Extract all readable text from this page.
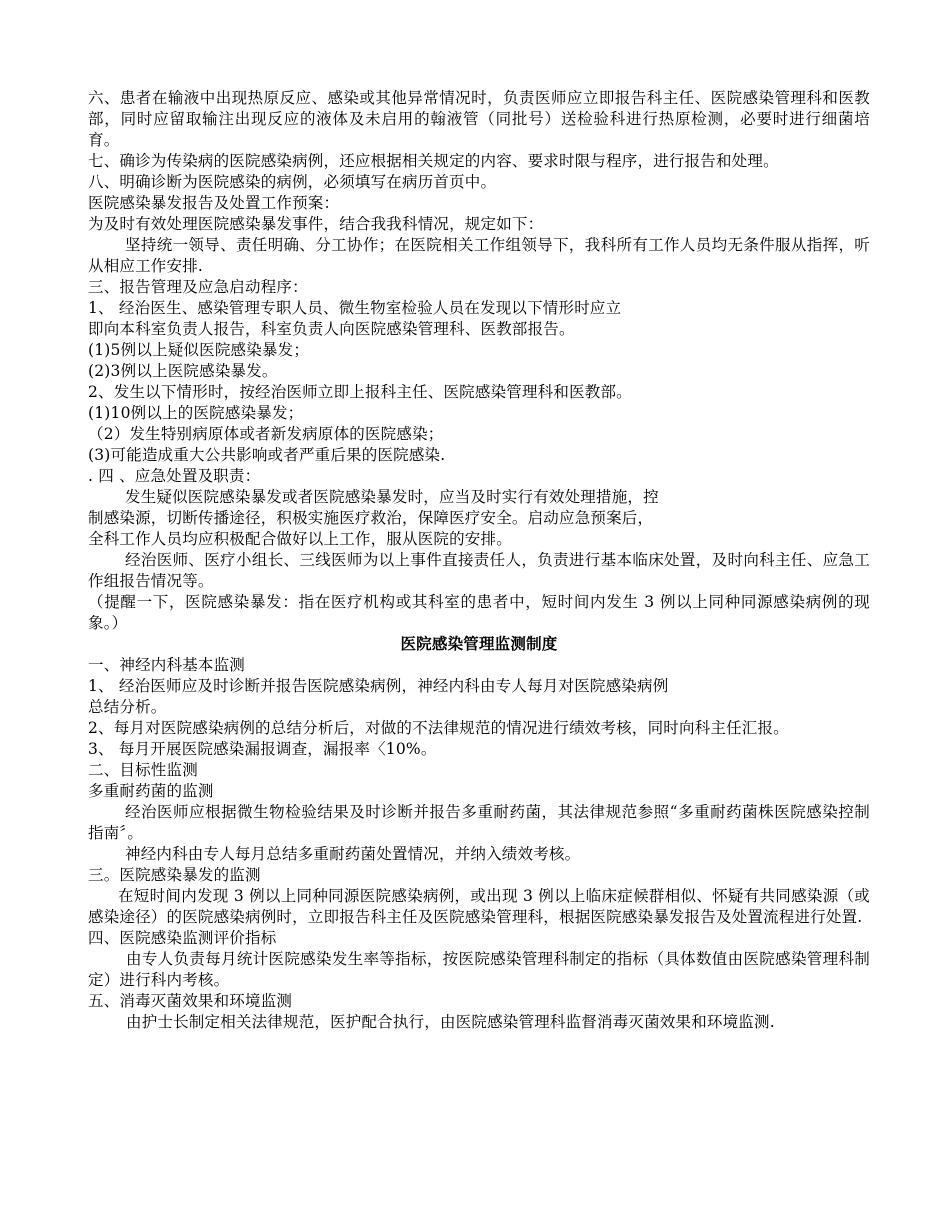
六、患者在输液中出现热原反应、感染或其他异常情况时，负责医师应立即报告科主任、医院感染管理科和医教部，同时应留取输注出现反应的液体及未启用的翰液管（同批号）送检验科进行热原检测，必要时进行细菌培育。

七、确诊为传染病的医院感染病例，还应根据相关规定的内容、要求时限与程序，进行报告和处理。

八、明确诊断为医院感染的病例，必须填写在病历首页中。

医院感染暴发报告及处置工作预案：

为及时有效处理医院感染暴发事件，结合我我科情况，规定如下：

坚持统一领导、责任明确、分工协作；在医院相关工作组领导下，我科所有工作人员均无条件服从指挥，听从相应工作安排.

三、报告管理及应急启动程序：

1、 经治医生、感染管理专职人员、微生物室检验人员在发现以下情形时应立

即向本科室负责人报告，科室负责人向医院感染管理科、医教部报告。

(1)5例以上疑似医院感染暴发；

(2)3例以上医院感染暴发。

2、发生以下情形时，按经治医师立即上报科主任、医院感染管理科和医教部。

(1)10例以上的医院感染暴发；

（2）发生特别病原体或者新发病原体的医院感染；

(3)可能造成重大公共影响或者严重后果的医院感染.

. 四 、应急处置及职责：

发生疑似医院感染暴发或者医院感染暴发时，应当及时实行有效处理措施，控

制感染源，切断传播途径，积极实施医疗救治，保障医疗安全。启动应急预案后，

全科工作人员均应积极配合做好以上工作，服从医院的安排。

经治医师、医疗小组长、三线医师为以上事件直接责任人，负责进行基本临床处置，及时向科主任、应急工作组报告情况等。

（提醒一下，医院感染暴发：指在医疗机构或其科室的患者中，短时间内发生 3 例以上同种同源感染病例的现象。）

医院感染管理监测制度

一、神经内科基本监测

1、 经治医师应及时诊断并报告医院感染病例，神经内科由专人每月对医院感染病例

总结分析。

2、每月对医院感染病例的总结分析后，对做的不法律规范的情况进行绩效考核，同时向科主任汇报。

3、 每月开展医院感染漏报调查，漏报率〈10%。

二、目标性监测

多重耐药菌的监测

经治医师应根据微生物检验结果及时诊断并报告多重耐药菌，其法律规范参照“多重耐药菌株医院感染控制指南〞。

神经内科由专人每月总结多重耐药菌处置情况，并纳入绩效考核。

三。医院感染暴发的监测

在短时间内发现 3 例以上同种同源医院感染病例，或出现 3 例以上临床症候群相似、怀疑有共同感染源（或感染途径）的医院感染病例时，立即报告科主任及医院感染管理科，根据医院感染暴发报告及处置流程进行处置.

四、医院感染监测评价指标

由专人负责每月统计医院感染发生率等指标，按医院感染管理科制定的指标（具体数值由医院感染管理科制定）进行科内考核。

五、消毒灭菌效果和环境监测

由护士长制定相关法律规范，医护配合执行，由医院感染管理科监督消毒灭菌效果和环境监测.
